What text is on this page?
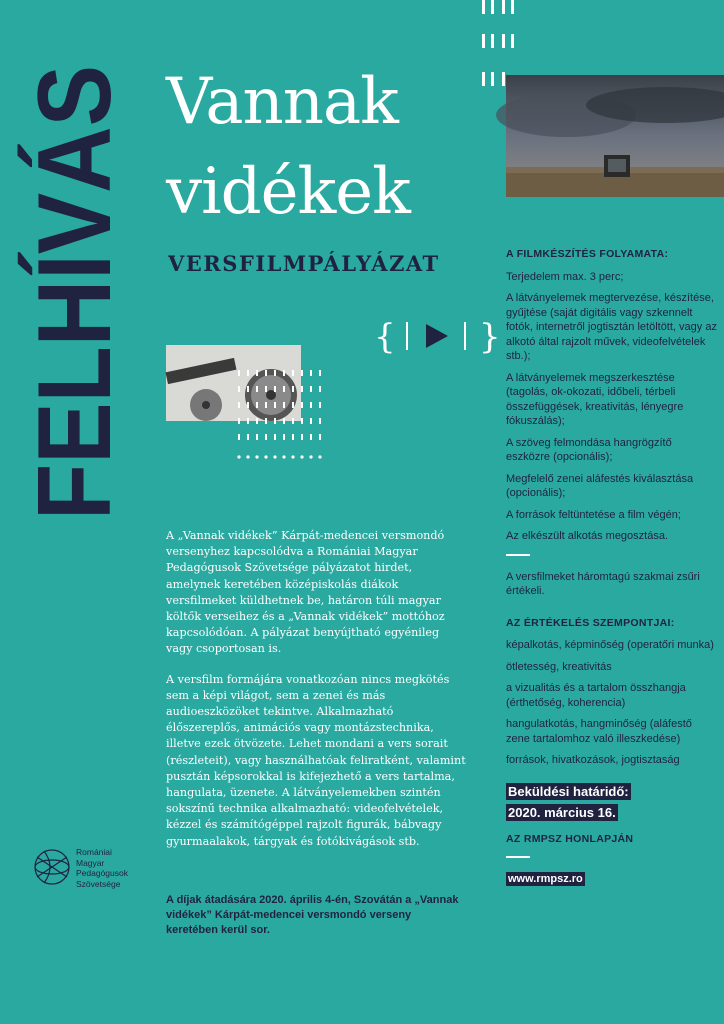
FELHÍVÁS Vannak
vidékek
VERSFILMPÁLYÁZAT
{ }

A „Vannak vidékek” Kárpát-medencei versmondó versenyhez kapcsolódva a Romániai Magyar Pedagógusok Szövetsége pályázatot hirdet, amelynek keretében középiskolás diákok versfilmeket küldhetnek be, határon túli magyar költők verseihez és a „Vannak vidékek” mottóhoz kapcsolódóan. A pályázat benyújtható egyénileg vagy csoportosan is.

A versfilm formájára vonatkozóan nincs megkötés sem a képi világot, sem a zenei és más audioeszközöket tekintve. Alkalmazható élőszereplős, animációs vagy montázstechnika, illetve ezek ötvözete. Lehet mondani a vers sorait (részleteit), vagy használhatóak feliratként, valamint pusztán képsorokkal is kifejezhető a vers tartalma, hangulata, üzenete. A látványelemekben szintén sokszínű technika alkalmazható: videofelvételek, kézzel és számítógéppel rajzolt figurák, bábvagy gyurmaalakok, tárgyak és fotókivágások stb.

A FILMKÉSZÍTÉS FOLYAMATA:
Terjedelem max. 3 perc;
A látványelemek megtervezése, készítése, gyűjtése (saját digitális vagy szkennelt fotók, internetről jogtisztán letöltött, vagy az alkotó által rajzolt művek, videofelvételek stb.);
A látványelemek megszerkesztése (tagolás, ok-okozati, időbeli, térbeli összefüggések, kreativitás, lényegre fókuszálás);
A szöveg felmondása hangrögzítő eszközre (opcionális);
Megfelelő zenei aláfestés kiválasztása (opcionális);
A források feltüntetése a film végén;
Az elkészült alkotás megosztása.
A versfilmeket háromtagú szakmai zsűri értékeli.
AZ ÉRTÉKELÉS SZEMPONTJAI:
képalkotás, képminőség (operatőri munka)
ötletesség, kreativitás
a vizualitás és a tartalom összhangja (érthetőség, koherencia)
hangulatkotás, hangminőség (aláfestő zene tartalomhoz való illeszkedése)
források, hivatkozások, jogtisztaság
Beküldési határidő:
2020. március 16.
AZ RMPSZ HONLAPJÁN
www.rmpsz.ro
Romániai
Magyar
Pedagógusok
Szövetsége
A díjak átadására 2020. április 4-én, Szovátán a „Vannak vidékek” Kárpát-medencei versmondó verseny keretében kerül sor.
